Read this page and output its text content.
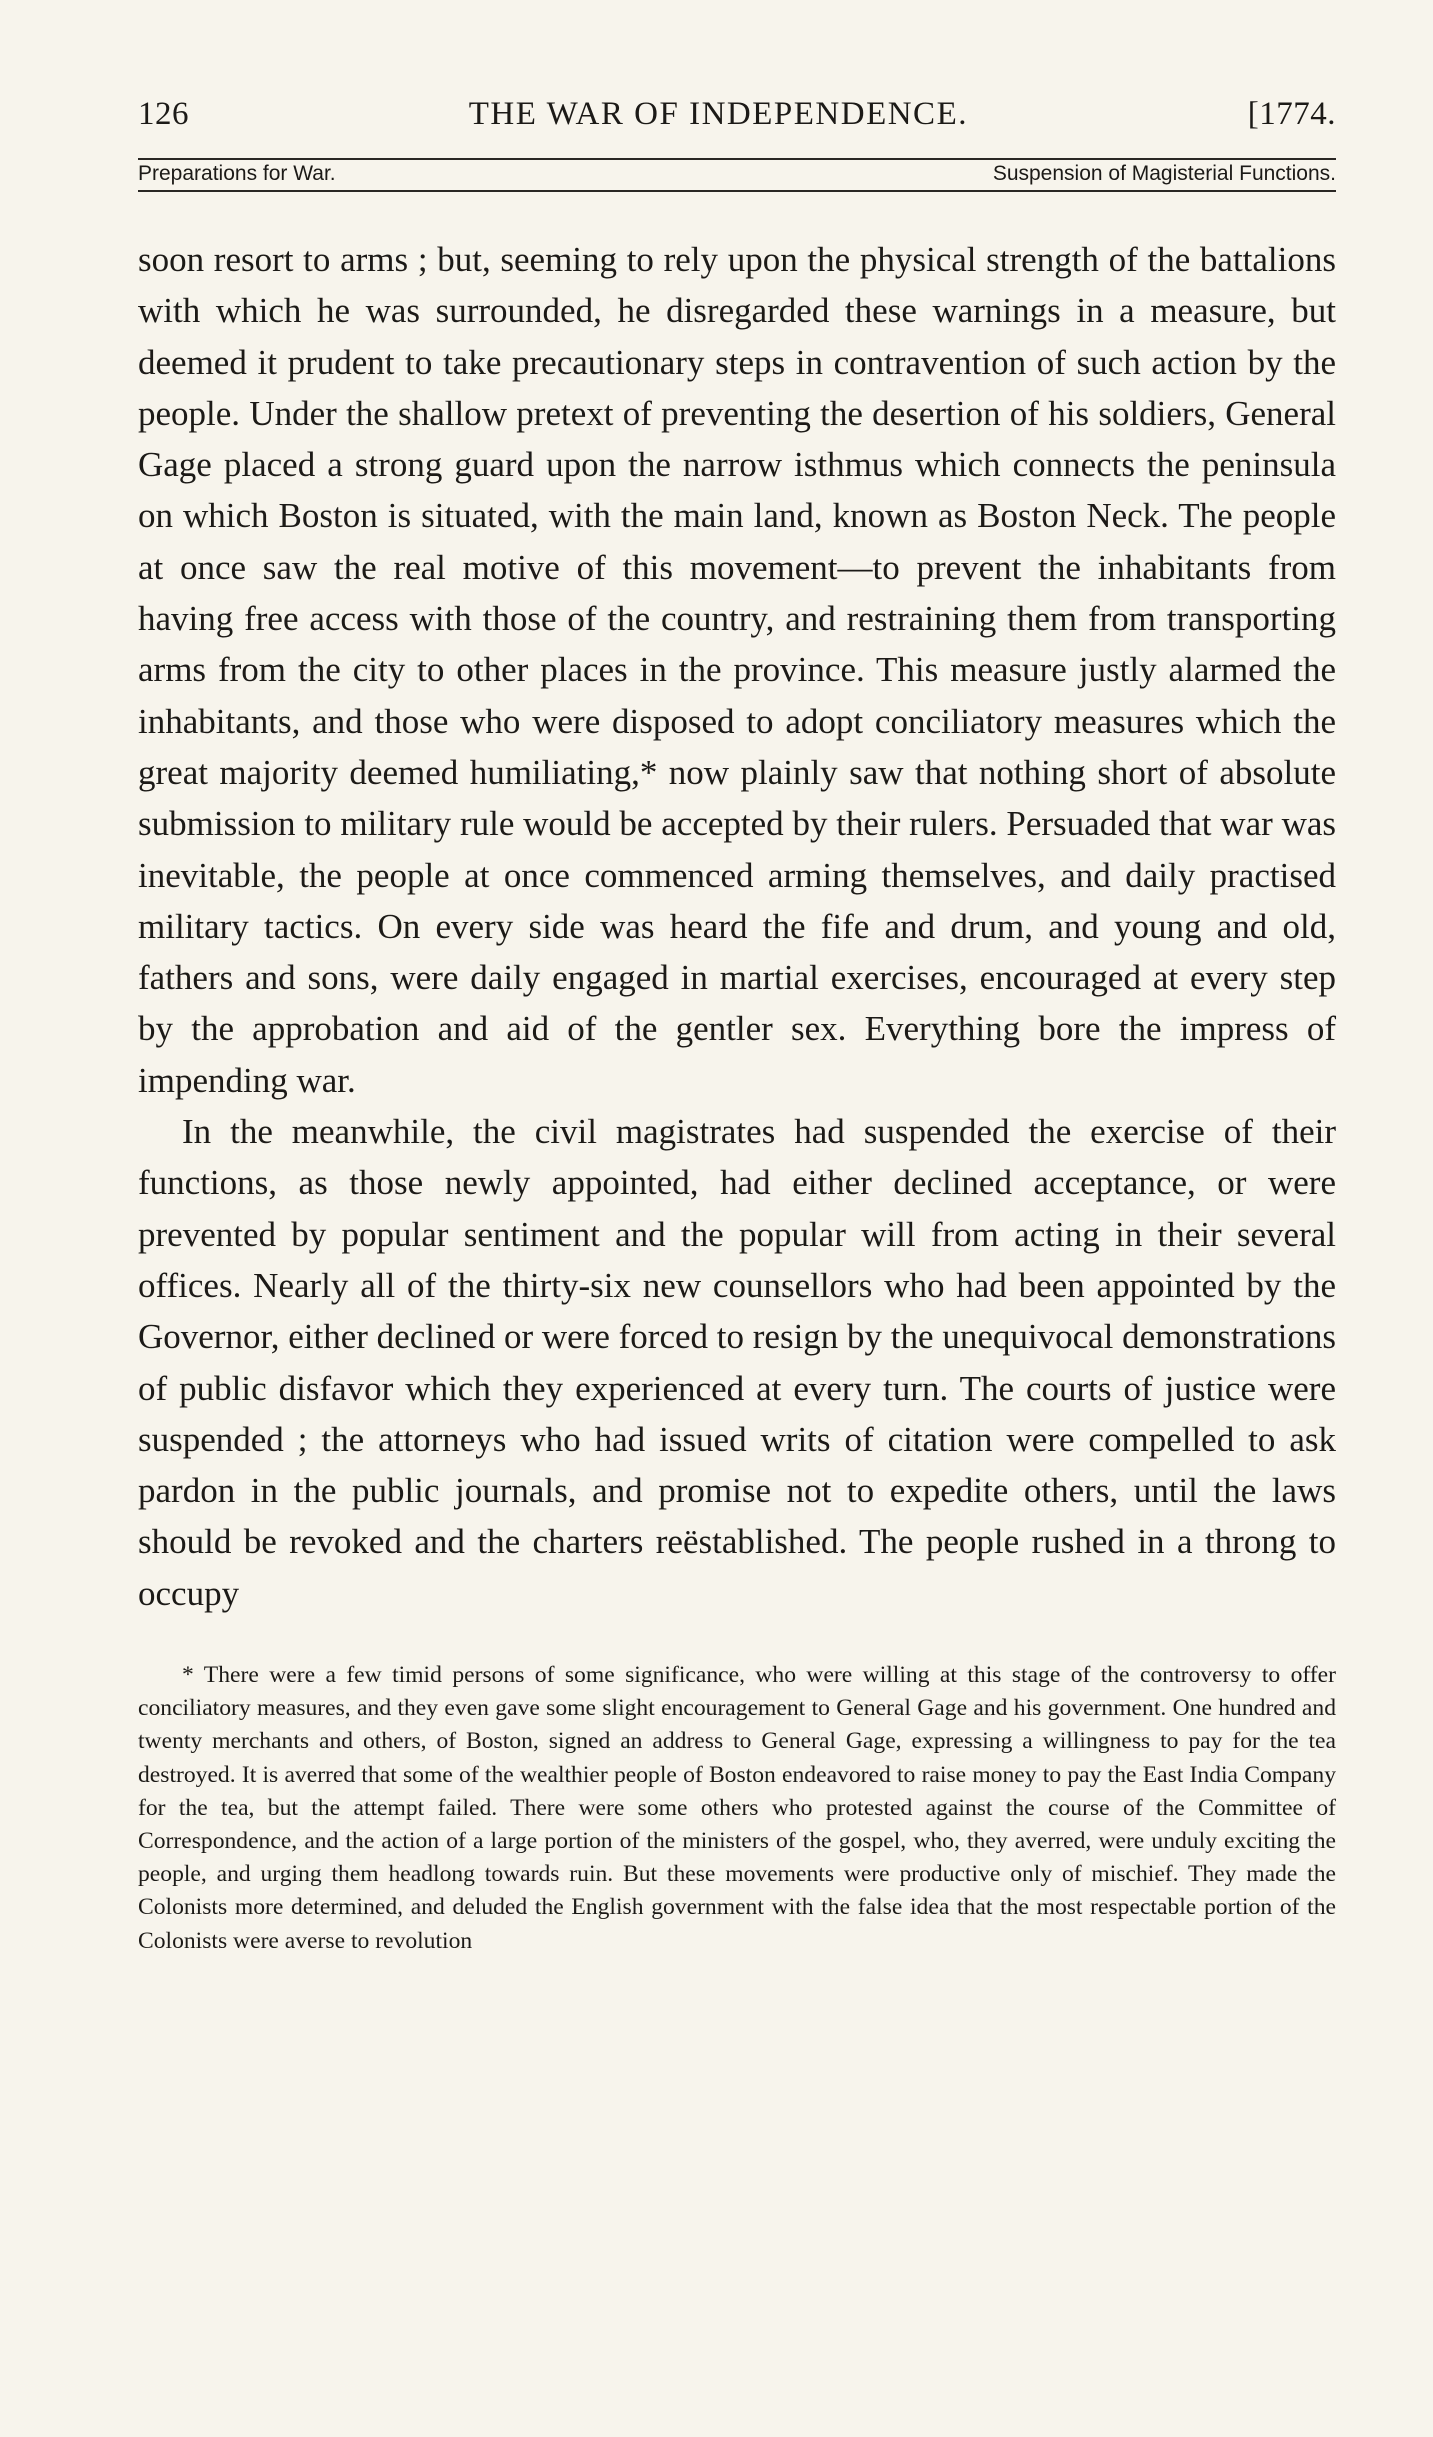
126	THE WAR OF INDEPENDENCE.	[1774.
Preparations for War.	Suspension of Magisterial Functions.

soon resort to arms ; but, seeming to rely upon the physical strength of the battalions with which he was surrounded, he disregarded these warnings in a measure, but deemed it prudent to take precautionary steps in contravention of such action by the people. Under the shallow pretext of preventing the desertion of his soldiers, General Gage placed a strong guard upon the narrow isthmus which connects the peninsula on which Boston is situated, with the main land, known as Boston Neck. The people at once saw the real motive of this movement—to prevent the inhabitants from having free access with those of the country, and restraining them from transporting arms from the city to other places in the province. This measure justly alarmed the inhabitants, and those who were disposed to adopt conciliatory measures which the great majority deemed humiliating,* now plainly saw that nothing short of absolute submission to military rule would be accepted by their rulers. Persuaded that war was inevitable, the people at once commenced arming themselves, and daily practised military tactics. On every side was heard the fife and drum, and young and old, fathers and sons, were daily engaged in martial exercises, encouraged at every step by the approbation and aid of the gentler sex. Everything bore the impress of impending war.

In the meanwhile, the civil magistrates had suspended the exercise of their functions, as those newly appointed, had either declined acceptance, or were prevented by popular sentiment and the popular will from acting in their several offices. Nearly all of the thirty-six new counsellors who had been appointed by the Governor, either declined or were forced to resign by the unequivocal demonstrations of public disfavor which they experienced at every turn. The courts of justice were suspended ; the attorneys who had issued writs of citation were compelled to ask pardon in the public journals, and promise not to expedite others, until the laws should be revoked and the charters reëstablished. The people rushed in a throng to occupy

* There were a few timid persons of some significance, who were willing at this stage of the controversy to offer conciliatory measures, and they even gave some slight encouragement to General Gage and his government. One hundred and twenty merchants and others, of Boston, signed an address to General Gage, expressing a willingness to pay for the tea destroyed. It is averred that some of the wealthier people of Boston endeavored to raise money to pay the East India Company for the tea, but the attempt failed. There were some others who protested against the course of the Committee of Correspondence, and the action of a large portion of the ministers of the gospel, who, they averred, were unduly exciting the people, and urging them headlong towards ruin. But these movements were productive only of mischief. They made the Colonists more determined, and deluded the English government with the false idea that the most respectable portion of the Colonists were averse to revolution
